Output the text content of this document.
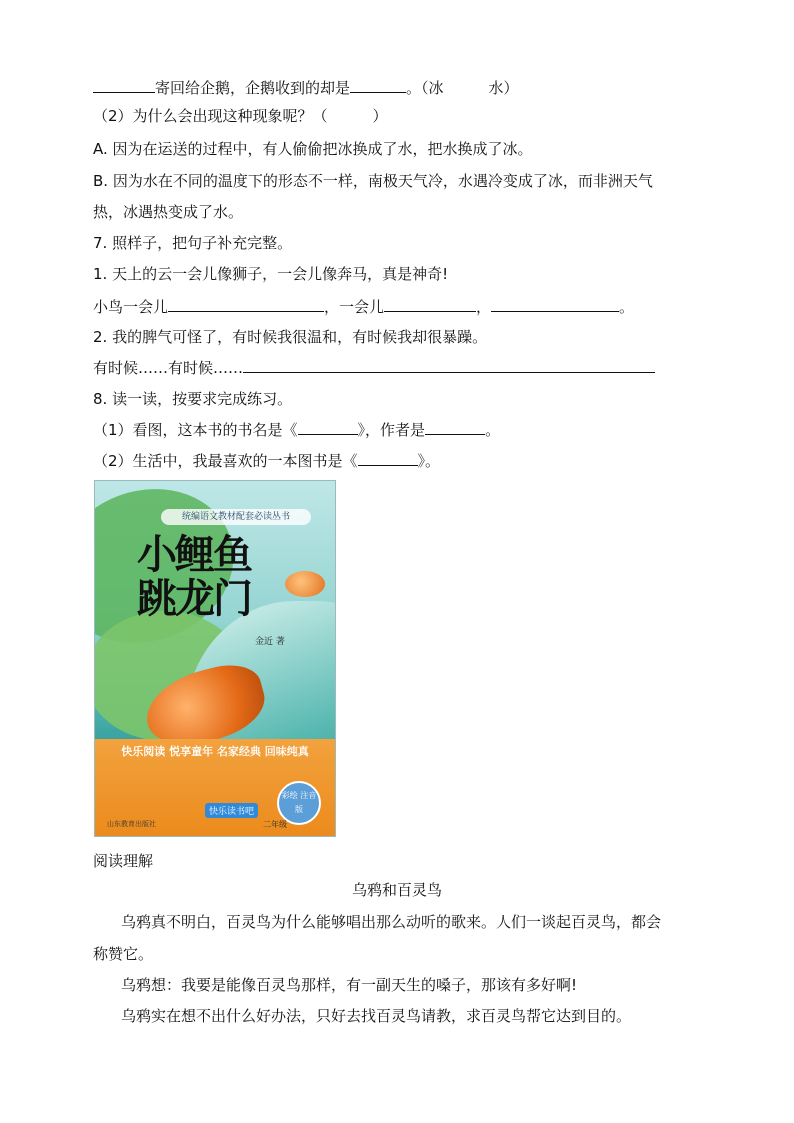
寄回给企鹅，企鹅收到的却是	。（冰　　　水）
（2）为什么会出现这种现象呢？（　　　）
A. 因为在运送的过程中，有人偷偷把冰换成了水，把水换成了冰。
B. 因为水在不同的温度下的形态不一样，南极天气冷，水遇冷变成了冰，而非洲天气
热，冰遇热变成了水。
7. 照样子，把句子补充完整。
1. 天上的云一会儿像狮子，一会儿像奔马，真是神奇!
小鸟一会儿	，一会儿	，	。
2. 我的脾气可怪了，有时候我很温和，有时候我却很暴躁。
有时候……有时候……
8. 读一读，按要求完成练习。
（1）看图，这本书的书名是《	》，作者是	。
（2）生活中，我最喜欢的一本图书是《	》。
统编语文教材配套必读丛书
小鲤鱼
跳龙门
金近 著
快乐阅读 悦享童年 名家经典 回味纯真
彩绘 注音版
快乐读书吧
二年级
山东教育出版社
阅读理解
乌鸦和百灵鸟
乌鸦真不明白，百灵鸟为什么能够唱出那么动听的歌来。人们一谈起百灵鸟，都会
称赞它。
乌鸦想：我要是能像百灵鸟那样，有一副天生的嗓子，那该有多好啊!
乌鸦实在想不出什么好办法，只好去找百灵鸟请教，求百灵鸟帮它达到目的。
